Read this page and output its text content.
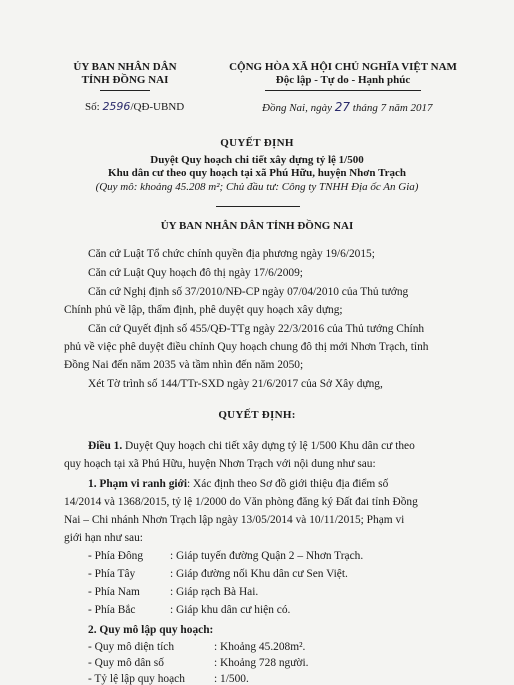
ỦY BAN NHÂN DÂN
TỈNH ĐỒNG NAI
CỘNG HÒA XÃ HỘI CHỦ NGHĨA VIỆT NAM
Độc lập - Tự do - Hạnh phúc
Số: 2596/QĐ-UBND	Đồng Nai, ngày 27 tháng 7 năm 2017
QUYẾT ĐỊNH
Duyệt Quy hoạch chi tiết xây dựng tỷ lệ 1/500
Khu dân cư theo quy hoạch tại xã Phú Hữu, huyện Nhơn Trạch
(Quy mô: khoảng 45.208 m²; Chủ đầu tư: Công ty TNHH Địa ốc An Gia)
ỦY BAN NHÂN DÂN TỈNH ĐỒNG NAI
Căn cứ Luật Tổ chức chính quyền địa phương ngày 19/6/2015;
Căn cứ Luật Quy hoạch đô thị ngày 17/6/2009;
Căn cứ Nghị định số 37/2010/NĐ-CP ngày 07/04/2010 của Thủ tướng
Chính phủ về lập, thẩm định, phê duyệt quy hoạch xây dựng;
Căn cứ Quyết định số 455/QĐ-TTg ngày 22/3/2016 của Thủ tướng Chính
phủ về việc phê duyệt điều chỉnh Quy hoạch chung đô thị mới Nhơn Trạch, tỉnh
Đồng Nai đến năm 2035 và tầm nhìn đến năm 2050;
Xét Tờ trình số 144/TTr-SXD ngày 21/6/2017 của Sở Xây dựng,
QUYẾT ĐỊNH:
Điều 1. Duyệt Quy hoạch chi tiết xây dựng tỷ lệ 1/500 Khu dân cư theo
quy hoạch tại xã Phú Hữu, huyện Nhơn Trạch với nội dung như sau:
1. Phạm vi ranh giới: Xác định theo Sơ đồ giới thiệu địa điểm số
14/2014 và 1368/2015, tỷ lệ 1/2000 do Văn phòng đăng ký Đất đai tỉnh Đồng
Nai – Chi nhánh Nhơn Trạch lập ngày 13/05/2014 và 10/11/2015; Phạm vi
giới hạn như sau:
- Phía Đông : Giáp tuyến đường Quận 2 – Nhơn Trạch.
- Phía Tây	: Giáp đường nối Khu dân cư Sen Việt.
- Phía Nam	: Giáp rạch Bà Hai.
- Phía Bắc	: Giáp khu dân cư hiện có.
2. Quy mô lập quy hoạch:
- Quy mô diện tích	: Khoảng 45.208m².
- Quy mô dân số	: Khoảng 728 người.
- Tỷ lệ lập quy hoạch	: 1/500.
